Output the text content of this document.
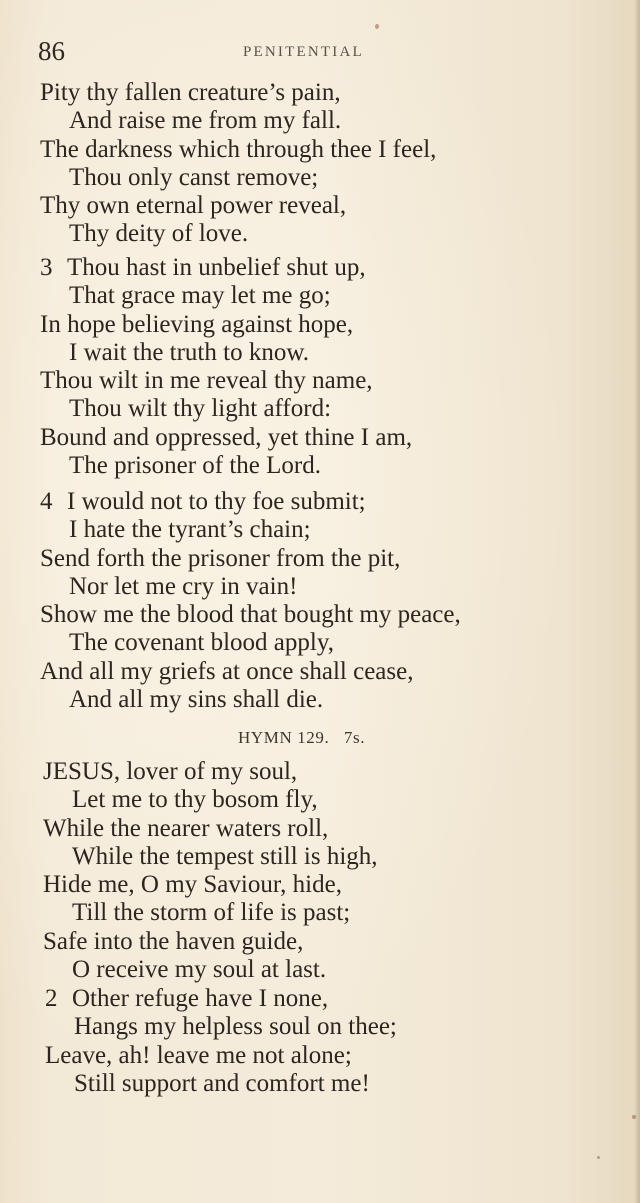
86	PENITENTIAL
Pity thy fallen creature’s pain,
And raise me from my fall.
The darkness which through thee I feel,
Thou only canst remove;
Thy own eternal power reveal,
Thy deity of love.
3 Thou hast in unbelief shut up,
That grace may let me go;
In hope believing against hope,
I wait the truth to know.
Thou wilt in me reveal thy name,
Thou wilt thy light afford:
Bound and oppressed, yet thine I am,
The prisoner of the Lord.
4 I would not to thy foe submit;
I hate the tyrant’s chain;
Send forth the prisoner from the pit,
Nor let me cry in vain!
Show me the blood that bought my peace,
The covenant blood apply,
And all my griefs at once shall cease,
And all my sins shall die.
HYMN 129. 7s.
JESUS, lover of my soul,
Let me to thy bosom fly,
While the nearer waters roll,
While the tempest still is high,
Hide me, O my Saviour, hide,
Till the storm of life is past;
Safe into the haven guide,
O receive my soul at last.
2 Other refuge have I none,
Hangs my helpless soul on thee;
Leave, ah! leave me not alone;
Still support and comfort me!
